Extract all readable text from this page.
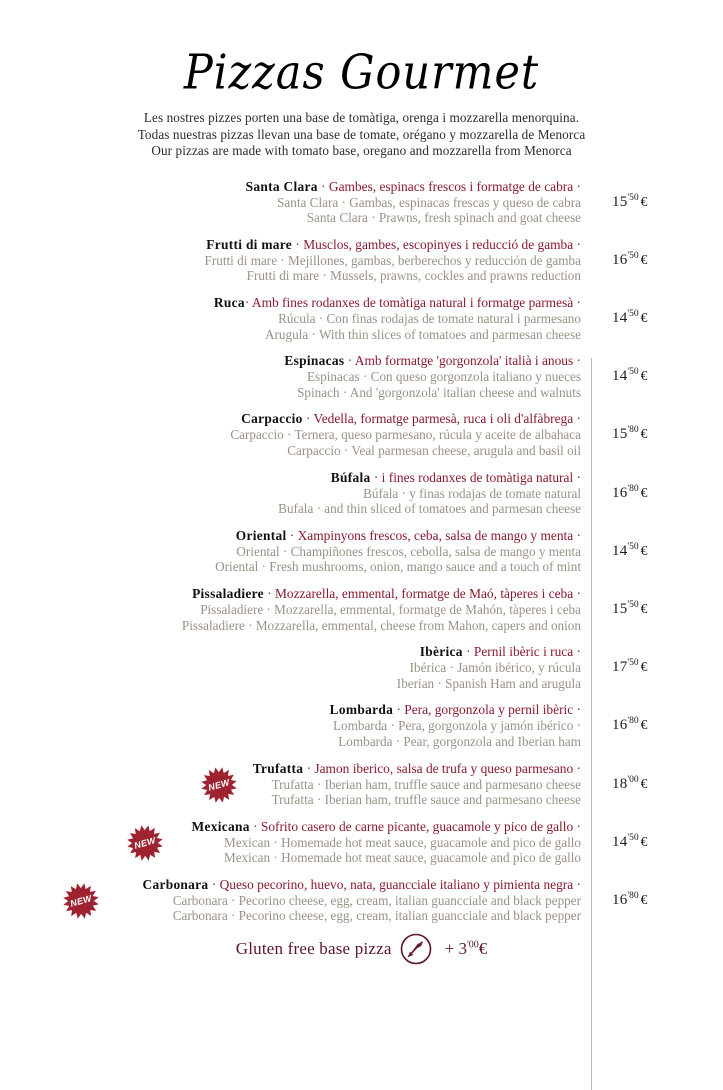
Pizzas Gourmet
Les nostres pizzes porten una base de tomàtiga, orenga i mozzarella menorquina.
Todas nuestras pizzas llevan una base de tomate, orégano y mozzarella de Menorca
Our pizzas are made with tomato base, oregano and mozzarella from Menorca
Santa Clara · Gambes, espinacs frescos i formatge de cabra ·
Santa Clara · Gambas, espinacas frescas y queso de cabra
Santa Clara · Prawns, fresh spinach and goat cheese
$15^{'50}$ €
Frutti di mare · Musclos, gambes, escopinyes i reducció de gamba ·
Frutti di mare · Mejillones, gambas, berberechos y reducción de gamba
Frutti di mare · Mussels, prawns, cockles and prawns reduction
$16^{'50}$ €
Ruca· Amb fines rodanxes de tomàtiga natural i formatge parmesà ·
Rúcula · Con finas rodajas de tomate natural i parmesano
Arugula · With thin slices of tomatoes and parmesan cheese
$14^{'50}$ €
Espinacas · Amb formatge 'gorgonzola' italià i anous ·
Espinacas · Con queso gorgonzola italiano y nueces
Spinach · And 'gorgonzola' italian cheese and walnuts
$14^{'50}$ €
Carpaccio · Vedella, formatge parmesà, ruca i oli d'alfàbrega ·
Carpaccio · Ternera, queso parmesano, rúcula y aceite de albahaca
Carpaccio · Veal parmesan cheese, arugula and basil oil
$15^{'80}$ €
Búfala · i fines rodanxes de tomàtiga natural ·
Búfala · y finas rodajas de tomate natural
Bufala · and thin sliced of tomatoes and parmesan cheese
$16^{'80}$ €
Oriental · Xampinyons frescos, ceba, salsa de mango y menta ·
Oriental · Champiñones frescos, cebolla, salsa de mango y menta
Oriental · Fresh mushrooms, onion, mango sauce and a touch of mint
$14^{'50}$ €
Pissaladiere · Mozzarella, emmental, formatge de Maó, tàperes i ceba ·
Pissaladiere · Mozzarella, emmental, formatge de Mahón, tàperes i ceba
Pissaladiere · Mozzarella, emmental, cheese from Mahon, capers and onion
$15^{'50}$ €
Ibèrica · Pernil ibèric i ruca ·
Ibérica · Jamón ibérico, y rúcula
Iberian · Spanish Ham and arugula
$17^{'50}$ €
Lombarda · Pera, gorgonzola y pernil ibèric ·
Lombarda · Pera, gorgonzola y jamón ibérico ·
Lombarda · Pear, gorgonzola and Iberian ham
$16^{'80}$ €
NEW
Trufatta · Jamon iberico, salsa de trufa y queso parmesano ·
Trufatta · Iberian ham, truffle sauce and parmesano cheese
Trufatta · Iberian ham, truffle sauce and parmesano cheese
$18^{'00}$ €
NEW
Mexicana · Sofrito casero de carne picante, guacamole y pico de gallo ·
Mexican · Homemade hot meat sauce, guacamole and pico de gallo
Mexican · Homemade hot meat sauce, guacamole and pico de gallo
$14^{'50}$ €
NEW
Carbonara · Queso pecorino, huevo, nata, guancciale italiano y pimienta negra ·
Carbonara · Pecorino cheese, egg, cream, italian guancciale and black pepper
Carbonara · Pecorino cheese, egg, cream, italian guancciale and black pepper
$16^{'80}$ €
Gluten free base pizza	+ $3^{'00}€$
